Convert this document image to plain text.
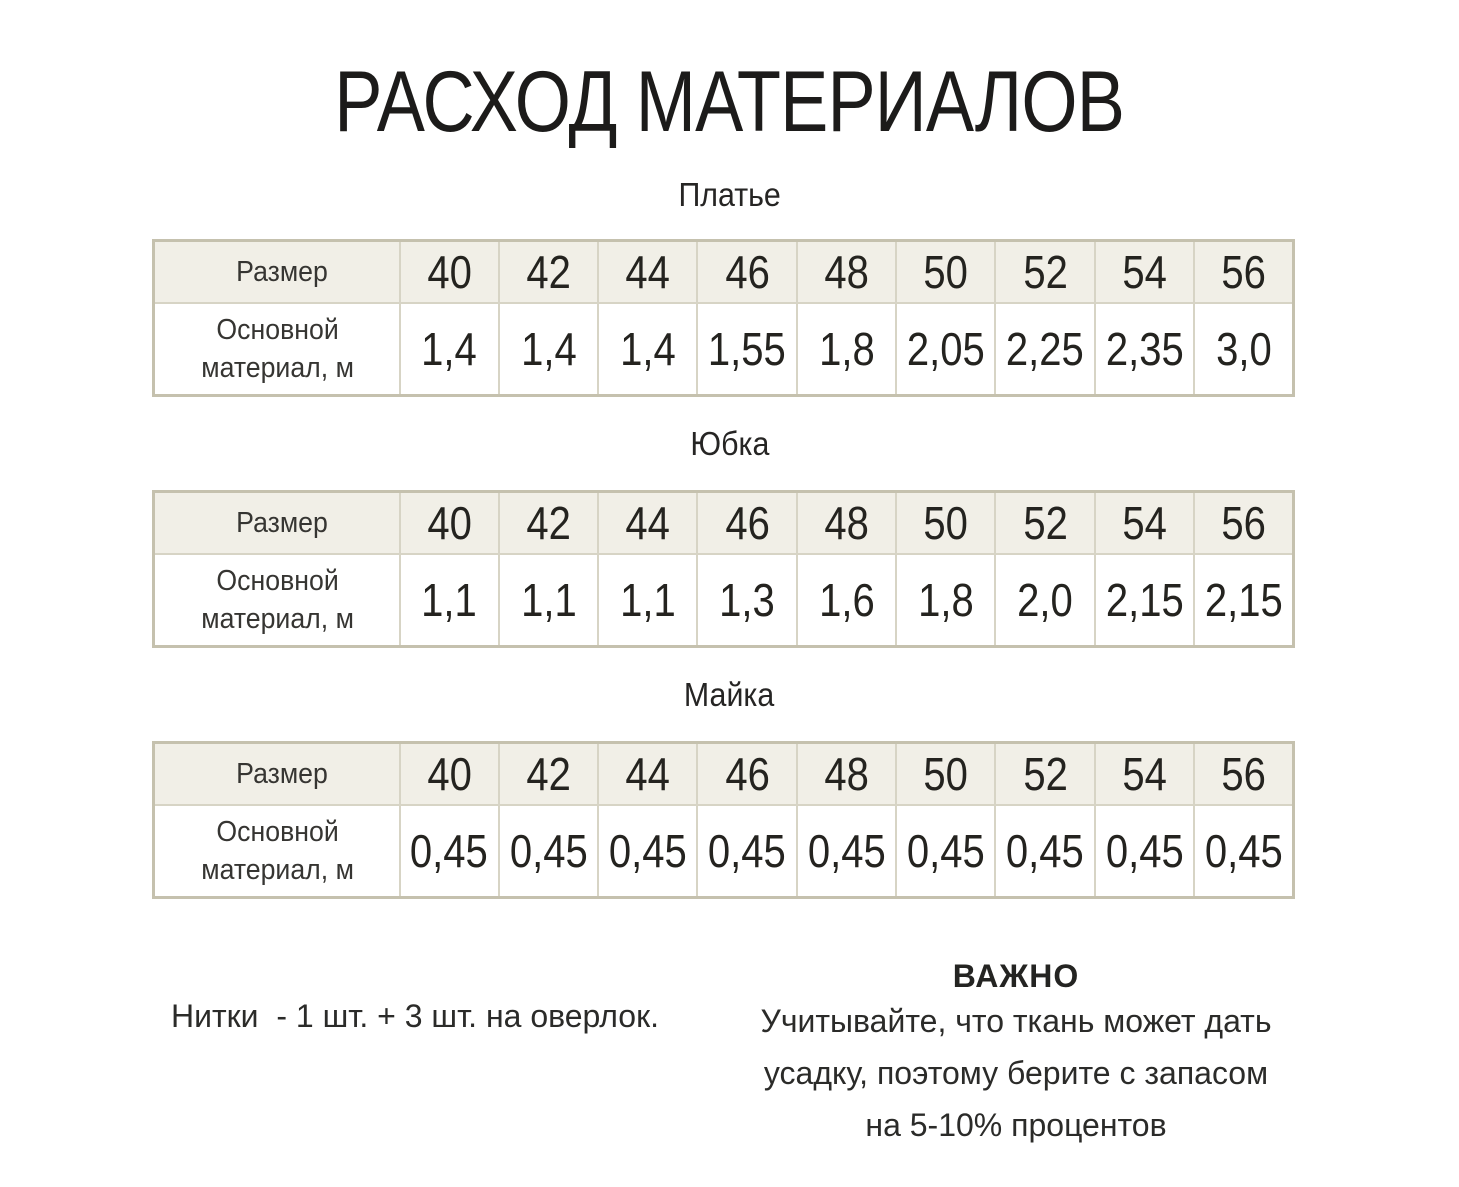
РАСХОД МАТЕРИАЛОВ
Платье
Размер	40	42	44	46	48	50	52	54	56
Основной материал, м	1,4	1,4	1,4	1,55	1,8	2,05	2,25	2,35	3,0
Юбка
Размер	40	42	44	46	48	50	52	54	56
Основной материал, м	1,1	1,1	1,1	1,3	1,6	1,8	2,0	2,15	2,15
Майка
Размер	40	42	44	46	48	50	52	54	56
Основной материал, м	0,45	0,45	0,45	0,45	0,45	0,45	0,45	0,45	0,45
Нитки  - 1 шт. + 3 шт. на оверлок.
ВАЖНО
Учитывайте, что ткань может дать
усадку, поэтому берите с запасом
на 5-10% процентов
